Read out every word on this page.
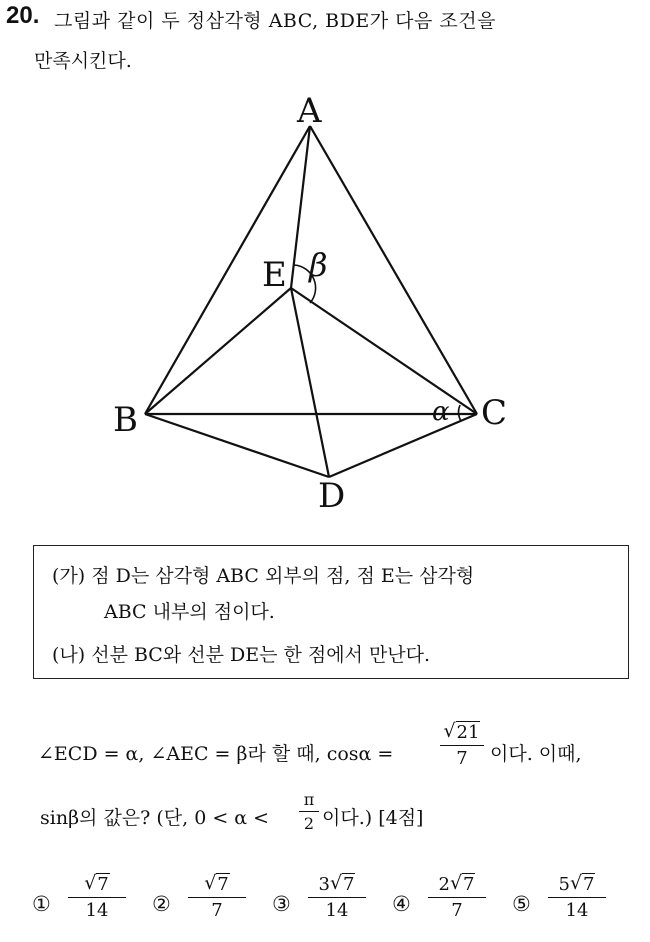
20. 그림과 같이 두 정삼각형 ABC, BDE가 다음 조건을
만족시킨다.
A
E
B	C
D
β
α
(가) 점 D는 삼각형 ABC 외부의 점, 점 E는 삼각형
ABC 내부의 점이다.
(나) 선분 BC와 선분 DE는 한 점에서 만난다.
∠ECD = α, ∠AEC = β라 할 때, cosα =
√ 21
7	이다. 이때,
sinβ의 값은? (단, 0 < α <
π
2 이다.) [4점]
①
√ 7
14	②
√ 7
7	③
3 √ 7
14	④
2 √ 7
7	⑤
5 √ 7
14
